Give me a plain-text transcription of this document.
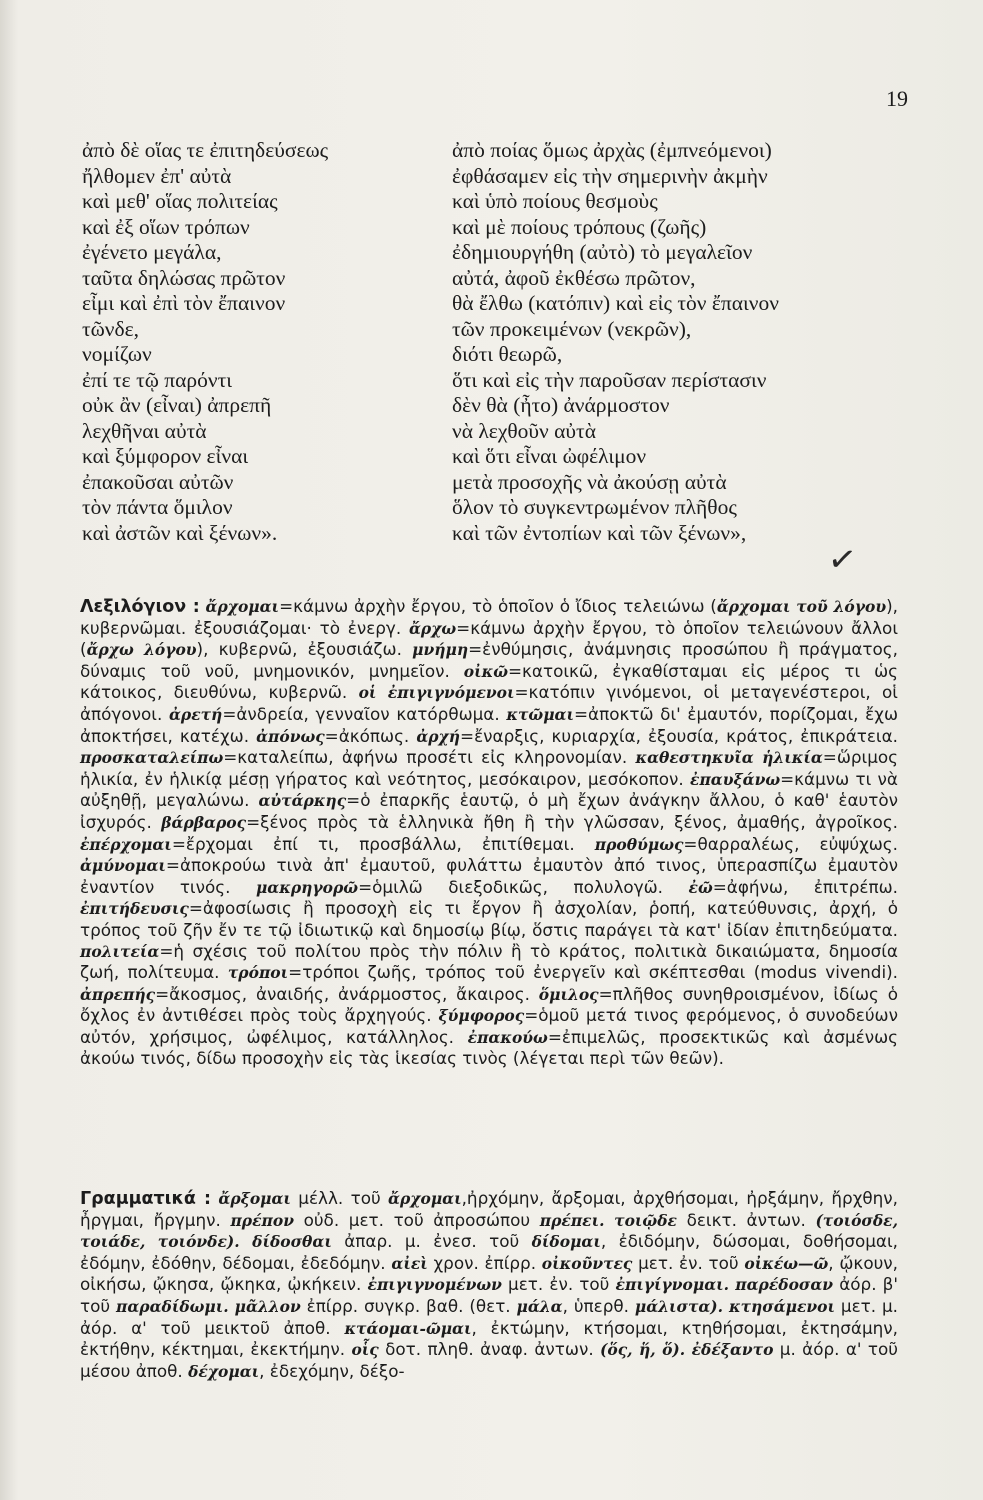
19
ἀπὸ δὲ οἵας τε ἐπιτηδεύσεως
ἤλθομεν ἐπ' αὐτὰ
καὶ μεθ' οἵας πολιτείας
καὶ ἐξ οἵων τρόπων
ἐγένετο μεγάλα,
ταῦτα δηλώσας πρῶτον
εἶμι καὶ ἐπὶ τὸν ἔπαινον
τῶνδε,
νομίζων
ἐπί τε τῷ παρόντι
οὐκ ἂν (εἶναι) ἀπρεπῆ
λεχθῆναι αὐτὰ
καὶ ξύμφορον εἶναι
ἐπακοῦσαι αὐτῶν
τὸν πάντα ὅμιλον
καὶ ἀστῶν καὶ ξένων».
ἀπὸ ποίας ὅμως ἀρχὰς (ἐμπνεόμενοι)
ἐφθάσαμεν εἰς τὴν σημερινὴν ἀκμὴν
καὶ ὑπὸ ποίους θεσμοὺς
καὶ μὲ ποίους τρόπους (ζωῆς)
ἐδημιουργήθη (αὐτὸ) τὸ μεγαλεῖον
αὐτά, ἀφοῦ ἐκθέσω πρῶτον,
θὰ ἔλθω (κατόπιν) καὶ εἰς τὸν ἔπαινον
τῶν προκειμένων (νεκρῶν),
διότι θεωρῶ,
ὅτι καὶ εἰς τὴν παροῦσαν περίστασιν
δὲν θὰ (ἦτο) ἀνάρμοστον
νὰ λεχθοῦν αὐτὰ
καὶ ὅτι εἶναι ὠφέλιμον
μετὰ προσοχῆς νὰ ἀκούσῃ αὐτὰ
ὅλον τὸ συγκεντρωμένον πλῆθος
καὶ τῶν ἐντοπίων καὶ τῶν ξένων»,
✓
Λεξιλόγιον : ἄρχομαι=κάμνω ἀρχὴν ἔργου, τὸ ὁποῖον ὁ ἴδιος τελειώνω (ἄρχομαι τοῦ λόγου), κυβερνῶμαι. ἐξουσιάζομαι· τὸ ἐνεργ. ἄρχω=κάμνω ἀρχὴν ἔργου, τὸ ὁποῖον τελειώνουν ἄλλοι (ἄρχω λόγου), κυβερνῶ, ἐξουσιάζω. μνήμη=ἐνθύμησις, ἀνάμνησις προσώπου ἢ πράγματος, δύναμις τοῦ νοῦ, μνημονικόν, μνημεῖον. οἰκῶ=κατοικῶ, ἐγκαθίσταμαι εἰς μέρος τι ὡς κάτοικος, διευθύνω, κυβερνῶ. οἱ ἐπιγιγνόμενοι=κατόπιν γινόμενοι, οἱ μεταγενέστεροι, οἱ ἀπόγονοι. ἀρετή=ἀνδρεία, γενναῖον κατόρθωμα. κτῶμαι=ἀποκτῶ δι' ἐμαυτόν, πορίζομαι, ἔχω ἀποκτήσει, κατέχω. ἀπόνως=ἀκόπως. ἀρχή=ἔναρξις, κυριαρχία, ἐξουσία, κράτος, ἐπικράτεια. προσκαταλείπω=καταλείπω, ἀφήνω προσέτι εἰς κληρονομίαν. καθεστηκυῖα ἡλικία=ὥριμος ἡλικία, ἐν ἡλικίᾳ μέσῃ γήρατος καὶ νεότητος, μεσόκαιρον, μεσόκοπον. ἐπαυξάνω=κάμνω τι νὰ αὐξηθῇ, μεγαλώνω. αὐτάρκης=ὁ ἐπαρκῆς ἑαυτῷ, ὁ μὴ ἔχων ἀνάγκην ἄλλου, ὁ καθ' ἑαυτὸν ἰσχυρός. βάρβαρος=ξένος πρὸς τὰ ἑλληνικὰ ἤθη ἢ τὴν γλῶσσαν, ξένος, ἀμαθής, ἀγροῖκος. ἐπέρχομαι=ἔρχομαι ἐπί τι, προσβάλλω, ἐπιτίθεμαι. προθύμως=θαρραλέως, εὐψύχως. ἀμύνομαι=ἀποκρούω τινὰ ἀπ' ἐμαυτοῦ, φυλάττω ἐμαυτὸν ἀπό τινος, ὑπερασπίζω ἐμαυτὸν ἐναντίον τινός. μακρηγορῶ=ὁμιλῶ διεξοδικῶς, πολυλογῶ. ἐῶ=ἀφήνω, ἐπιτρέπω. ἐπιτήδευσις=ἀφοσίωσις ἢ προσοχὴ εἰς τι ἔργον ἢ ἀσχολίαν, ῥοπή, κατεύθυνσις, ἀρχή, ὁ τρόπος τοῦ ζῆν ἔν τε τῷ ἰδιωτικῷ καὶ δημοσίῳ βίῳ, ὅστις παράγει τὰ κατ' ἰδίαν ἐπιτηδεύματα. πολιτεία=ἡ σχέσις τοῦ πολίτου πρὸς τὴν πόλιν ἢ τὸ κράτος, πολιτικὰ δικαιώματα, δημοσία ζωή, πολίτευμα. τρόποι=τρόποι ζωῆς, τρόπος τοῦ ἐνεργεῖν καὶ σκέπτεσθαι (modus vivendi). ἀπρεπής=ἄκοσμος, ἀναιδής, ἀνάρμοστος, ἄκαιρος. ὅμιλος=πλῆθος συνηθροισμένον, ἰδίως ὁ ὄχλος ἐν ἀντιθέσει πρὸς τοὺς ἄρχηγούς. ξύμφορος=ὁμοῦ μετά τινος φερόμενος, ὁ συνοδεύων αὐτόν, χρήσιμος, ὠφέλιμος, κατάλληλος. ἐπακούω=ἐπιμελῶς, προσεκτικῶς καὶ ἀσμένως ἀκούω τινός, δίδω προσοχὴν εἰς τὰς ἱκεσίας τινὸς (λέγεται περὶ τῶν θεῶν).
Γραμματικά : ἄρξομαι μέλλ. τοῦ ἄρχομαι,ἠρχόμην, ἄρξομαι, ἀρχθήσομαι, ἠρξάμην, ἤρχθην, ἦργμαι, ἤργμην. πρέπον οὐδ. μετ. τοῦ ἀπροσώπου πρέπει. τοιῷδε δεικτ. ἀντων. (τοιόσδε, τοιάδε, τοιόνδε). δίδοσθαι ἀπαρ. μ. ἐνεσ. τοῦ δίδομαι, ἐδιδόμην, δώσομαι, δοθήσομαι, ἐδόμην, ἐδόθην, δέδομαι, ἐδεδόμην. αἰεὶ χρον. ἐπίρρ. οἰκοῦντες μετ. ἐν. τοῦ οἰκέω—ῶ, ᾤκουν, οἰκήσω, ᾤκησα, ᾤκηκα, ᾠκήκειν. ἐπιγιγνομένων μετ. ἐν. τοῦ ἐπιγίγνομαι. παρέδοσαν ἀόρ. β' τοῦ παραδίδωμι. μᾶλλον ἐπίρρ. συγκρ. βαθ. (θετ. μάλα, ὑπερθ. μάλιστα). κτησάμενοι μετ. μ. ἀόρ. α' τοῦ μεικτοῦ ἀποθ. κτάομαι-ῶμαι, ἐκτώμην, κτήσομαι, κτηθήσομαι, ἐκτησάμην, ἐκτήθην, κέκτημαι, ἐκεκτήμην. οἷς δοτ. πληθ. ἀναφ. ἀντων. (ὅς, ἥ, ὅ). ἐδέξαντο μ. ἀόρ. α' τοῦ μέσου ἀποθ. δέχομαι, ἐδεχόμην, δέξο-
